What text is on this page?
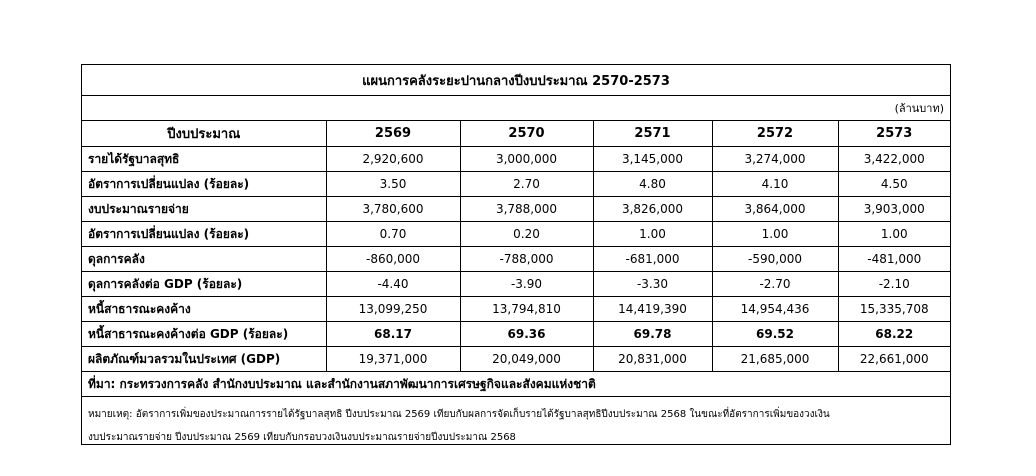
แผนการคลังระยะปานกลางปีงบประมาณ 2570-2573
(ล้านบาท)
ปีงบประมาณ	2569	2570	2571	2572	2573
รายได้รัฐบาลสุทธิ	2,920,600	3,000,000	3,145,000	3,274,000	3,422,000
อัตราการเปลี่ยนแปลง (ร้อยละ)	3.50	2.70	4.80	4.10	4.50
งบประมาณรายจ่าย	3,780,600	3,788,000	3,826,000	3,864,000	3,903,000
อัตราการเปลี่ยนแปลง (ร้อยละ)	0.70	0.20	1.00	1.00	1.00
ดุลการคลัง	-860,000	-788,000	-681,000	-590,000	-481,000
ดุลการคลังต่อ GDP (ร้อยละ)	-4.40	-3.90	-3.30	-2.70	-2.10
หนี้สาธารณะคงค้าง	13,099,250	13,794,810	14,419,390	14,954,436	15,335,708
หนี้สาธารณะคงค้างต่อ GDP (ร้อยละ)	68.17	69.36	69.78	69.52	68.22
ผลิตภัณฑ์มวลรวมในประเทศ (GDP)	19,371,000	20,049,000	20,831,000	21,685,000	22,661,000
ที่มา: กระทรวงการคลัง สำนักงบประมาณ และสำนักงานสภาพัฒนาการเศรษฐกิจและสังคมแห่งชาติ
หมายเหตุ: อัตราการเพิ่มของประมาณการรายได้รัฐบาลสุทธิ ปีงบประมาณ 2569 เทียบกับผลการจัดเก็บรายได้รัฐบาลสุทธิปีงบประมาณ 2568 ในขณะที่อัตราการเพิ่มของวงเงิน
งบประมาณรายจ่าย ปีงบประมาณ 2569 เทียบกับกรอบวงเงินงบประมาณรายจ่ายปีงบประมาณ 2568
